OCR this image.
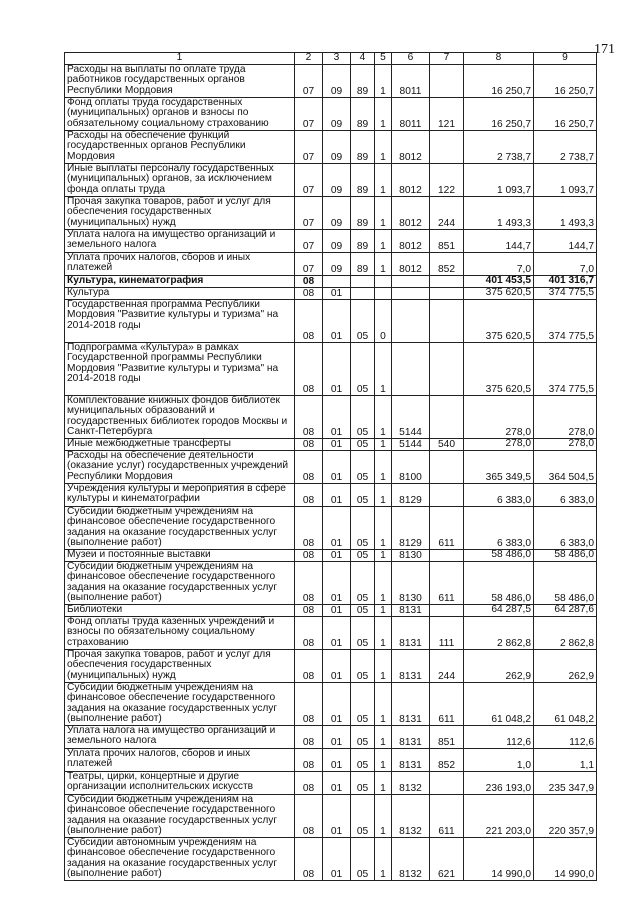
171
1	2	3	4	5	6	7	8	9
Расходы на выплаты по оплате труда работников государственных органов Республики Мордовия	07	09	89	1	8011		16 250,7	16 250,7
Фонд оплаты труда государственных (муниципальных) органов и взносы по обязательному социальному страхованию	07	09	89	1	8011	121	16 250,7	16 250,7
Расходы на обеспечение функций государственных органов Республики Мордовия	07	09	89	1	8012		2 738,7	2 738,7
Иные выплаты персоналу государственных (муниципальных) органов, за исключением фонда оплаты труда	07	09	89	1	8012	122	1 093,7	1 093,7
Прочая закупка товаров, работ и услуг для обеспечения государственных (муниципальных) нужд	07	09	89	1	8012	244	1 493,3	1 493,3
Уплата налога на имущество организаций и земельного налога	07	09	89	1	8012	851	144,7	144,7
Уплата прочих налогов, сборов и иных платежей	07	09	89	1	8012	852	7,0	7,0
Культура, кинематография	08						401 453,5	401 316,7
Культура	08	01					375 620,5	374 775,5
Государственная программа Республики Мордовия "Развитие культуры и туризма" на 2014-2018 годы	08	01	05	0			375 620,5	374 775,5
Подпрограмма «Культура» в рамках Государственной программы Республики Мордовия "Развитие культуры и туризма" на 2014-2018 годы	08	01	05	1			375 620,5	374 775,5
Комплектование книжных фондов библиотек муниципальных образований и государственных библиотек городов Москвы и Санкт-Петербурга	08	01	05	1	5144		278,0	278,0
Иные межбюджетные трансферты	08	01	05	1	5144	540	278,0	278,0
Расходы на обеспечение деятельности (оказание услуг) государственных учреждений Республики Мордовия	08	01	05	1	8100		365 349,5	364 504,5
Учреждения культуры и мероприятия в сфере культуры и кинематографии	08	01	05	1	8129		6 383,0	6 383,0
Субсидии бюджетным учреждениям на финансовое обеспечение государственного задания на оказание государственных услуг (выполнение работ)	08	01	05	1	8129	611	6 383,0	6 383,0
Музеи и постоянные выставки	08	01	05	1	8130		58 486,0	58 486,0
Субсидии бюджетным учреждениям на финансовое обеспечение государственного задания на оказание государственных услуг (выполнение работ)	08	01	05	1	8130	611	58 486,0	58 486,0
Библиотеки	08	01	05	1	8131		64 287,5	64 287,6
Фонд оплаты труда казенных учреждений и взносы по обязательному социальному страхованию	08	01	05	1	8131	111	2 862,8	2 862,8
Прочая закупка товаров, работ и услуг для обеспечения государственных (муниципальных) нужд	08	01	05	1	8131	244	262,9	262,9
Субсидии бюджетным учреждениям на финансовое обеспечение государственного задания на оказание государственных услуг (выполнение работ)	08	01	05	1	8131	611	61 048,2	61 048,2
Уплата налога на имущество организаций и земельного налога	08	01	05	1	8131	851	112,6	112,6
Уплата прочих налогов, сборов и иных платежей	08	01	05	1	8131	852	1,0	1,1
Театры, цирки, концертные и другие организации исполнительских искусств	08	01	05	1	8132		236 193,0	235 347,9
Субсидии бюджетным учреждениям на финансовое обеспечение государственного задания на оказание государственных услуг (выполнение работ)	08	01	05	1	8132	611	221 203,0	220 357,9
Субсидии автономным учреждениям на финансовое обеспечение государственного задания на оказание государственных услуг (выполнение работ)	08	01	05	1	8132	621	14 990,0	14 990,0
